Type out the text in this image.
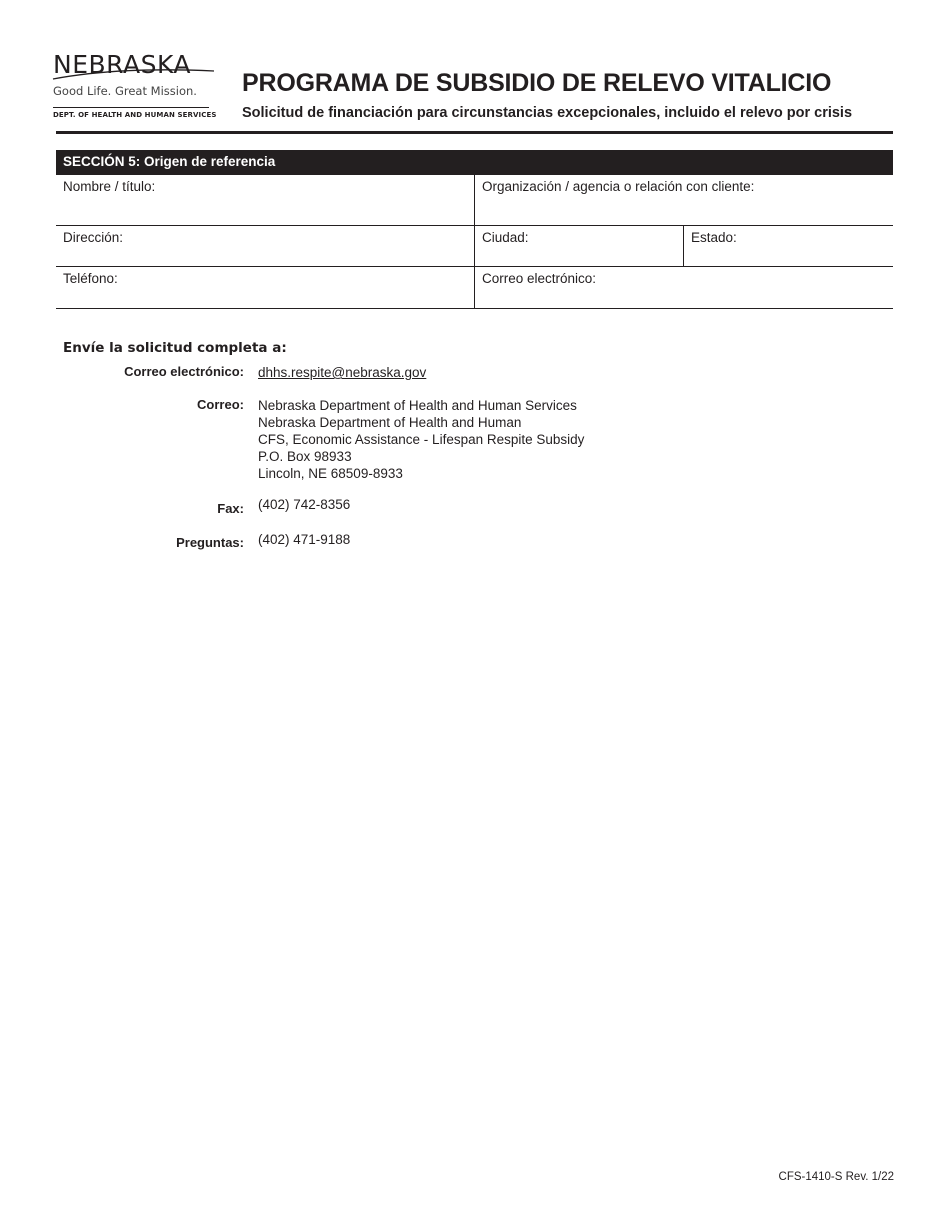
NEBRASKA
Good Life. Great Mission.
DEPT. OF HEALTH AND HUMAN SERVICES
PROGRAMA DE SUBSIDIO DE RELEVO VITALICIO

Solicitud de financiación para circunstancias excepcionales, incluido el relevo por crisis

SECCIÓN 5: Origen de referencia
Nombre / título:	Organización / agencia o relación con cliente:
Dirección:	Ciudad:	Estado:
Teléfono:	Correo electrónico:
Envíe la solicitud completa a:
Correo electrónico:	dhhs.respite@nebraska.gov
Correo:	Nebraska Department of Health and Human Services
Nebraska Department of Health and Human
CFS, Economic Assistance - Lifespan Respite Subsidy
P.O. Box 98933
Lincoln, NE 68509-8933
Fax:	(402) 742-8356
Preguntas:	(402) 471-9188
CFS-1410-S Rev. 1/22
